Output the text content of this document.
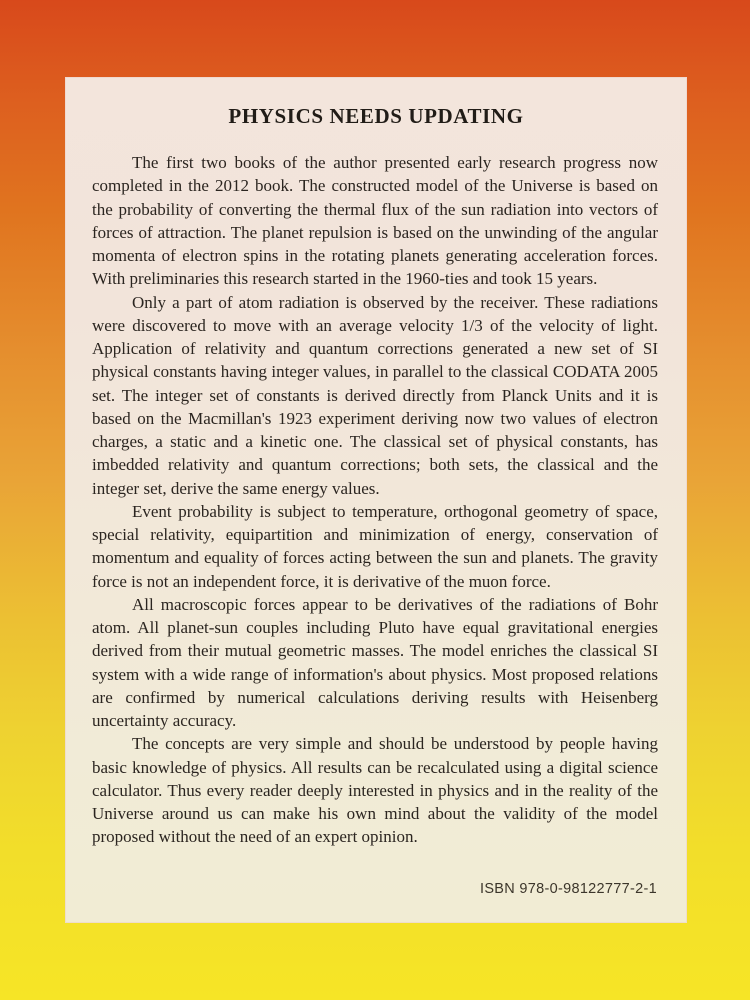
PHYSICS NEEDS UPDATING

The first two books of the author presented early research progress now completed in the 2012 book. The constructed model of the Universe is based on the probability of converting the thermal flux of the sun radiation into vectors of forces of attraction. The planet repulsion is based on the unwinding of the angular momenta of electron spins in the rotating planets generating acceleration forces. With preliminaries this research started in the 1960-ties and took 15 years.

Only a part of atom radiation is observed by the receiver. These radiations were discovered to move with an average velocity 1/3 of the velocity of light. Application of relativity and quantum corrections generated a new set of SI physical constants having integer values, in parallel to the classical CODATA 2005 set. The integer set of constants is derived directly from Planck Units and it is based on the Macmillan's 1923 experiment deriving now two values of electron charges, a static and a kinetic one. The classical set of physical constants, has imbedded relativity and quantum corrections; both sets, the classical and the integer set, derive the same energy values.

Event probability is subject to temperature, orthogonal geometry of space, special relativity, equipartition and minimization of energy, conservation of momentum and equality of forces acting between the sun and planets. The gravity force is not an independent force, it is derivative of the muon force.

All macroscopic forces appear to be derivatives of the radiations of Bohr atom. All planet-sun couples including Pluto have equal gravitational energies derived from their mutual geometric masses. The model enriches the classical SI system with a wide range of information's about physics. Most proposed relations are confirmed by numerical calculations deriving results with Heisenberg uncertainty accuracy.

The concepts are very simple and should be understood by people having basic knowledge of physics. All results can be recalculated using a digital science calculator. Thus every reader deeply interested in physics and in the reality of the Universe around us can make his own mind about the validity of the model proposed without the need of an expert opinion.

ISBN 978-0-98122777-2-1
